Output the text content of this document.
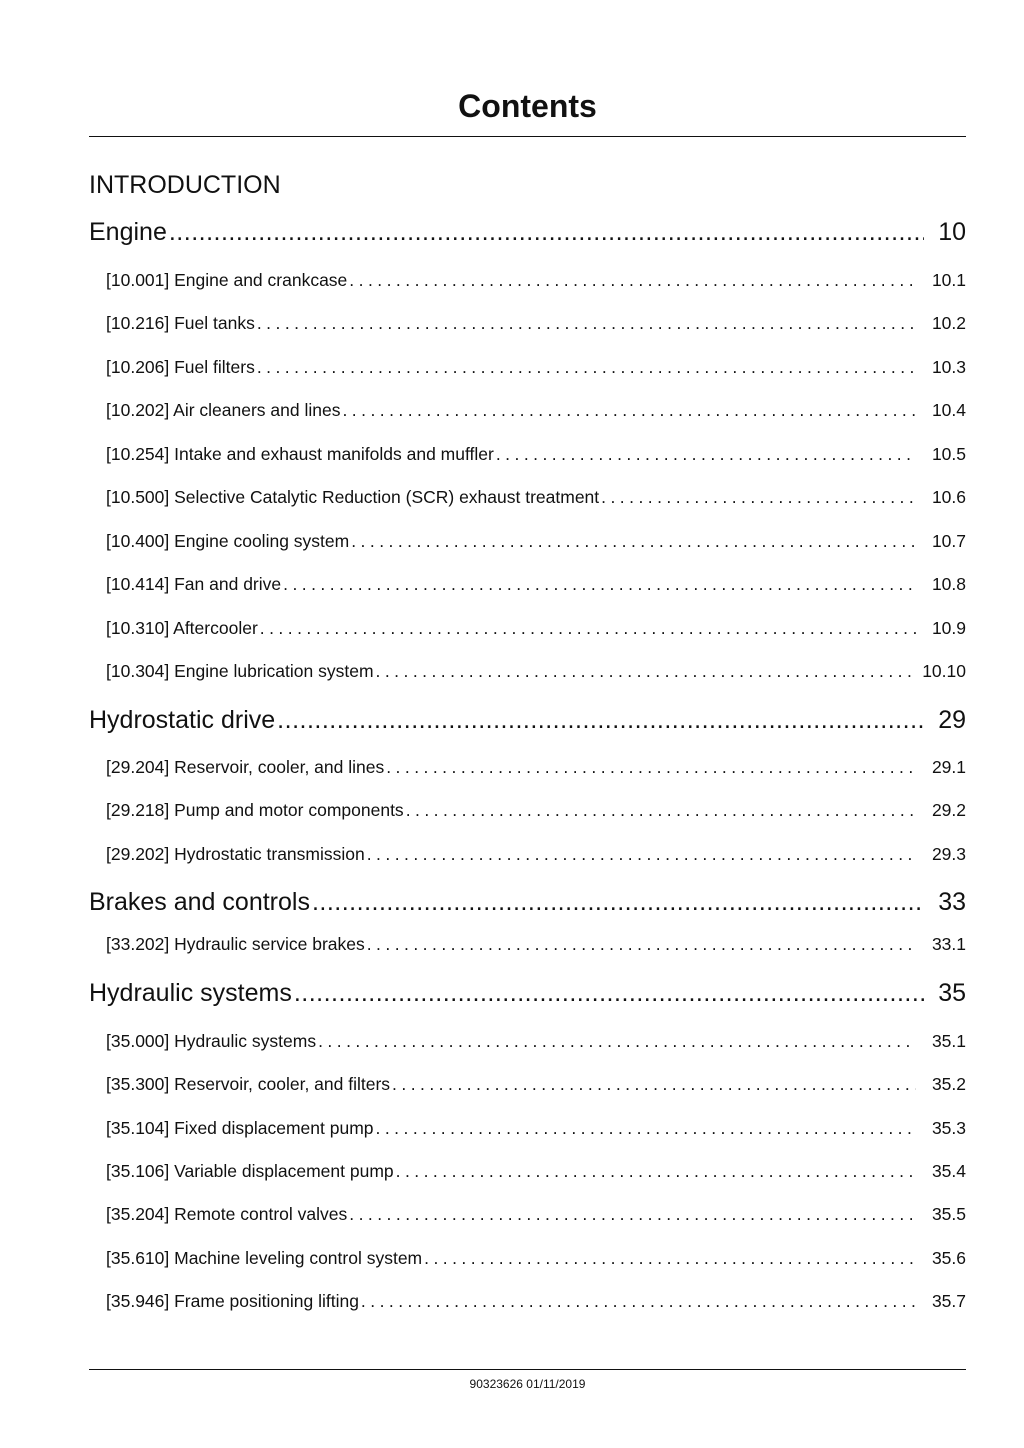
Contents
INTRODUCTION
Engine .....	10
[10.001] Engine and crankcase . . .	10.1
[10.216] Fuel tanks . . .	10.2
[10.206] Fuel filters . . .	10.3
[10.202] Air cleaners and lines . . .	10.4
[10.254] Intake and exhaust manifolds and muffler . . .	10.5
[10.500] Selective Catalytic Reduction (SCR) exhaust treatment . . .	10.6
[10.400] Engine cooling system . . .	10.7
[10.414] Fan and drive . . .	10.8
[10.310] Aftercooler . . .	10.9
[10.304] Engine lubrication system . . .	10.10
Hydrostatic drive .....	29
[29.204] Reservoir, cooler, and lines . . .	29.1
[29.218] Pump and motor components . . .	29.2
[29.202] Hydrostatic transmission . . .	29.3
Brakes and controls .....	33
[33.202] Hydraulic service brakes . . .	33.1
Hydraulic systems .....	35
[35.000] Hydraulic systems . . .	35.1
[35.300] Reservoir, cooler, and filters . . .	35.2
[35.104] Fixed displacement pump . . .	35.3
[35.106] Variable displacement pump . . .	35.4
[35.204] Remote control valves . . .	35.5
[35.610] Machine leveling control system . . .	35.6
[35.946] Frame positioning lifting . . .	35.7
90323626 01/11/2019
